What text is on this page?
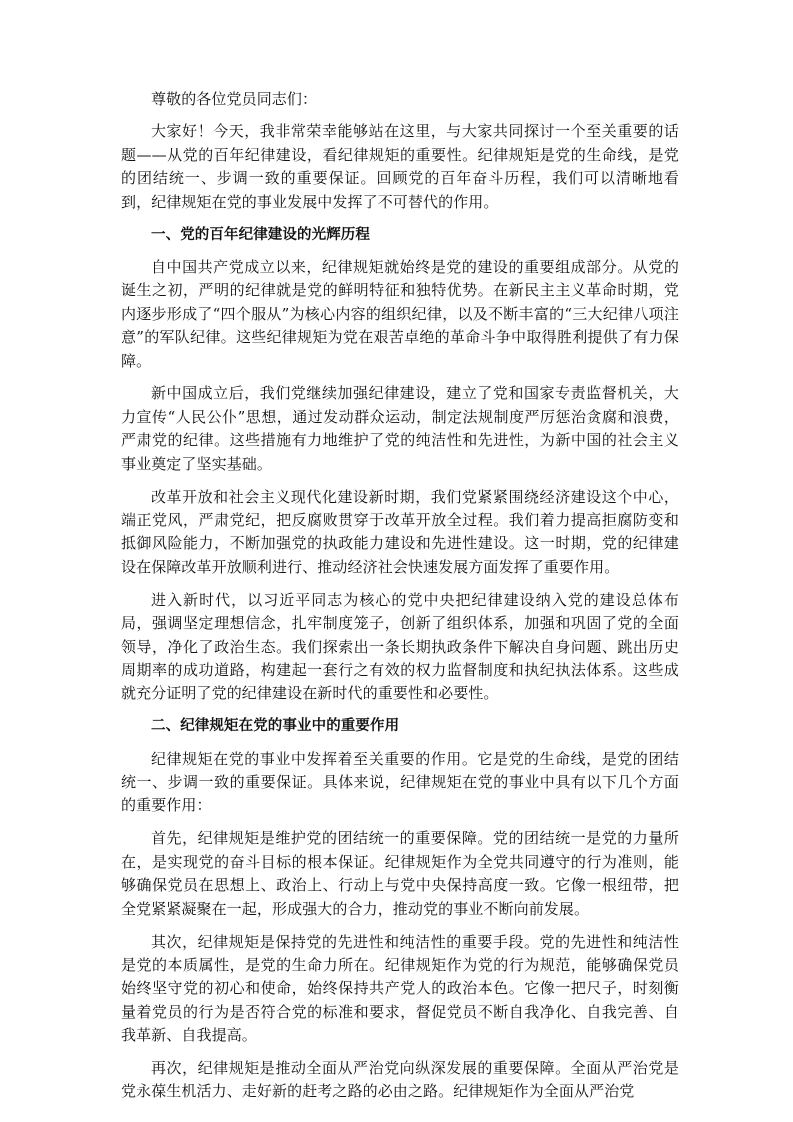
尊敬的各位党员同志们：

大家好！今天，我非常荣幸能够站在这里，与大家共同探讨一个至关重要的话题——从党的百年纪律建设，看纪律规矩的重要性。纪律规矩是党的生命线，是党的团结统一、步调一致的重要保证。回顾党的百年奋斗历程，我们可以清晰地看到，纪律规矩在党的事业发展中发挥了不可替代的作用。

一、党的百年纪律建设的光辉历程

自中国共产党成立以来，纪律规矩就始终是党的建设的重要组成部分。从党的诞生之初，严明的纪律就是党的鲜明特征和独特优势。在新民主主义革命时期，党内逐步形成了“四个服从”为核心内容的组织纪律，以及不断丰富的“三大纪律八项注意”的军队纪律。这些纪律规矩为党在艰苦卓绝的革命斗争中取得胜利提供了有力保障。

新中国成立后，我们党继续加强纪律建设，建立了党和国家专责监督机关，大力宣传“人民公仆”思想，通过发动群众运动，制定法规制度严厉惩治贪腐和浪费，严肃党的纪律。这些措施有力地维护了党的纯洁性和先进性，为新中国的社会主义事业奠定了坚实基础。

改革开放和社会主义现代化建设新时期，我们党紧紧围绕经济建设这个中心，端正党风，严肃党纪，把反腐败贯穿于改革开放全过程。我们着力提高拒腐防变和抵御风险能力，不断加强党的执政能力建设和先进性建设。这一时期，党的纪律建设在保障改革开放顺利进行、推动经济社会快速发展方面发挥了重要作用。

进入新时代，以习近平同志为核心的党中央把纪律建设纳入党的建设总体布局，强调坚定理想信念，扎牢制度笼子，创新了组织体系，加强和巩固了党的全面领导，净化了政治生态。我们探索出一条长期执政条件下解决自身问题、跳出历史周期率的成功道路，构建起一套行之有效的权力监督制度和执纪执法体系。这些成就充分证明了党的纪律建设在新时代的重要性和必要性。

二、纪律规矩在党的事业中的重要作用

纪律规矩在党的事业中发挥着至关重要的作用。它是党的生命线，是党的团结统一、步调一致的重要保证。具体来说，纪律规矩在党的事业中具有以下几个方面的重要作用：

首先，纪律规矩是维护党的团结统一的重要保障。党的团结统一是党的力量所在，是实现党的奋斗目标的根本保证。纪律规矩作为全党共同遵守的行为准则，能够确保党员在思想上、政治上、行动上与党中央保持高度一致。它像一根纽带，把全党紧紧凝聚在一起，形成强大的合力，推动党的事业不断向前发展。

其次，纪律规矩是保持党的先进性和纯洁性的重要手段。党的先进性和纯洁性是党的本质属性，是党的生命力所在。纪律规矩作为党的行为规范，能够确保党员始终坚守党的初心和使命，始终保持共产党人的政治本色。它像一把尺子，时刻衡量着党员的行为是否符合党的标准和要求，督促党员不断自我净化、自我完善、自我革新、自我提高。

再次，纪律规矩是推动全面从严治党向纵深发展的重要保障。全面从严治党是党永葆生机活力、走好新的赶考之路的必由之路。纪律规矩作为全面从严治党
